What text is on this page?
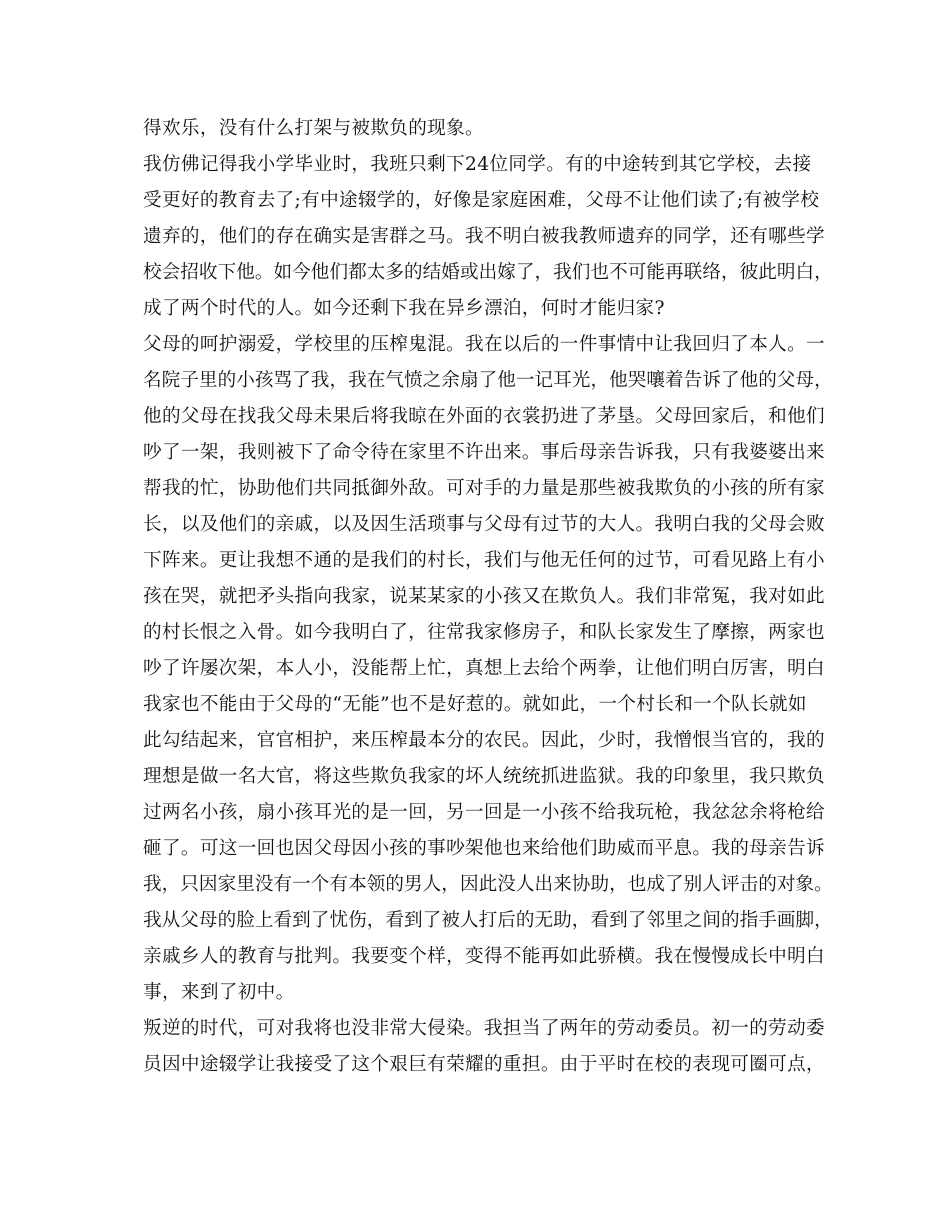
得欢乐，没有什么打架与被欺负的现象。
我仿佛记得我小学毕业时，我班只剩下24位同学。有的中途转到其它学校，去接
受更好的教育去了;有中途辍学的，好像是家庭困难，父母不让他们读了;有被学校
遗弃的，他们的存在确实是害群之马。我不明白被我教师遗弃的同学，还有哪些学
校会招收下他。如今他们都太多的结婚或出嫁了，我们也不可能再联络，彼此明白，
成了两个时代的人。如今还剩下我在异乡漂泊，何时才能归家?
父母的呵护溺爱，学校里的压榨鬼混。我在以后的一件事情中让我回归了本人。一
名院子里的小孩骂了我，我在气愤之余扇了他一记耳光，他哭嚷着告诉了他的父母，
他的父母在找我父母未果后将我晾在外面的衣裳扔进了茅垦。父母回家后，和他们
吵了一架，我则被下了命令待在家里不许出来。事后母亲告诉我，只有我婆婆出来
帮我的忙，协助他们共同抵御外敌。可对手的力量是那些被我欺负的小孩的所有家
长，以及他们的亲戚，以及因生活琐事与父母有过节的大人。我明白我的父母会败
下阵来。更让我想不通的是我们的村长，我们与他无任何的过节，可看见路上有小
孩在哭，就把矛头指向我家，说某某家的小孩又在欺负人。我们非常冤，我对如此
的村长恨之入骨。如今我明白了，往常我家修房子，和队长家发生了摩擦，两家也
吵了许屡次架，本人小，没能帮上忙，真想上去给个两拳，让他们明白厉害，明白
我家也不能由于父母的“无能”也不是好惹的。就如此，一个村长和一个队长就如
此勾结起来，官官相护，来压榨最本分的农民。因此，少时，我憎恨当官的，我的
理想是做一名大官，将这些欺负我家的坏人统统抓进监狱。我的印象里，我只欺负
过两名小孩，扇小孩耳光的是一回，另一回是一小孩不给我玩枪，我忿忿余将枪给
砸了。可这一回也因父母因小孩的事吵架他也来给他们助威而平息。我的母亲告诉
我，只因家里没有一个有本领的男人，因此没人出来协助，也成了别人评击的对象。
我从父母的脸上看到了忧伤，看到了被人打后的无助，看到了邻里之间的指手画脚，
亲戚乡人的教育与批判。我要变个样，变得不能再如此骄横。我在慢慢成长中明白
事，来到了初中。
叛逆的时代，可对我将也没非常大侵染。我担当了两年的劳动委员。初一的劳动委
员因中途辍学让我接受了这个艰巨有荣耀的重担。由于平时在校的表现可圈可点，
